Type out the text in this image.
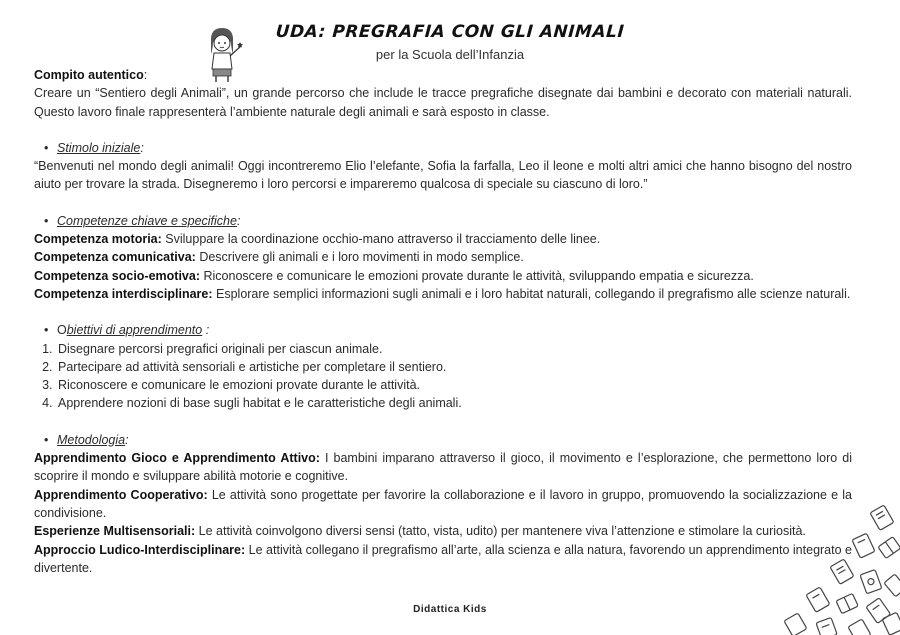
UDA: PREGRAFIA CON GLI ANIMALI
per la Scuola dell’Infanzia

Compito autentico:

Creare un “Sentiero degli Animali”, un grande percorso che include le tracce pregrafiche disegnate dai bambini e decorato con materiali naturali. Questo lavoro finale rappresenterà l’ambiente naturale degli animali e sarà esposto in classe.

• Stimolo iniziale:

“Benvenuti nel mondo degli animali! Oggi incontreremo Elio l’elefante, Sofia la farfalla, Leo il leone e molti altri amici che hanno bisogno del nostro aiuto per trovare la strada. Disegneremo i loro percorsi e impareremo qualcosa di speciale su ciascuno di loro.”

• Competenze chiave e specifiche:

Competenza motoria: Sviluppare la coordinazione occhio-mano attraverso il tracciamento delle linee.

Competenza comunicativa: Descrivere gli animali e i loro movimenti in modo semplice.

Competenza socio-emotiva: Riconoscere e comunicare le emozioni provate durante le attività, sviluppando empatia e sicurezza.

Competenza interdisciplinare: Esplorare semplici informazioni sugli animali e i loro habitat naturali, collegando il pregrafismo alle scienze naturali.

• Obiettivi di apprendimento :

1. Disegnare percorsi pregrafici originali per ciascun animale.
2. Partecipare ad attività sensoriali e artistiche per completare il sentiero.
3. Riconoscere e comunicare le emozioni provate durante le attività.
4. Apprendere nozioni di base sugli habitat e le caratteristiche degli animali.

• Metodologia:

Apprendimento Gioco e Apprendimento Attivo: I bambini imparano attraverso il gioco, il movimento e l’esplorazione, che permettono loro di scoprire il mondo e sviluppare abilità motorie e cognitive.

Apprendimento Cooperativo: Le attività sono progettate per favorire la collaborazione e il lavoro in gruppo, promuovendo la socializzazione e la condivisione.

Esperienze Multisensoriali: Le attività coinvolgono diversi sensi (tatto, vista, udito) per mantenere viva l’attenzione e stimolare la curiosità.

Approccio Ludico-Interdisciplinare: Le attività collegano il pregrafismo all’arte, alla scienza e alla natura, favorendo un apprendimento integrato e divertente.

Didattica Kids
